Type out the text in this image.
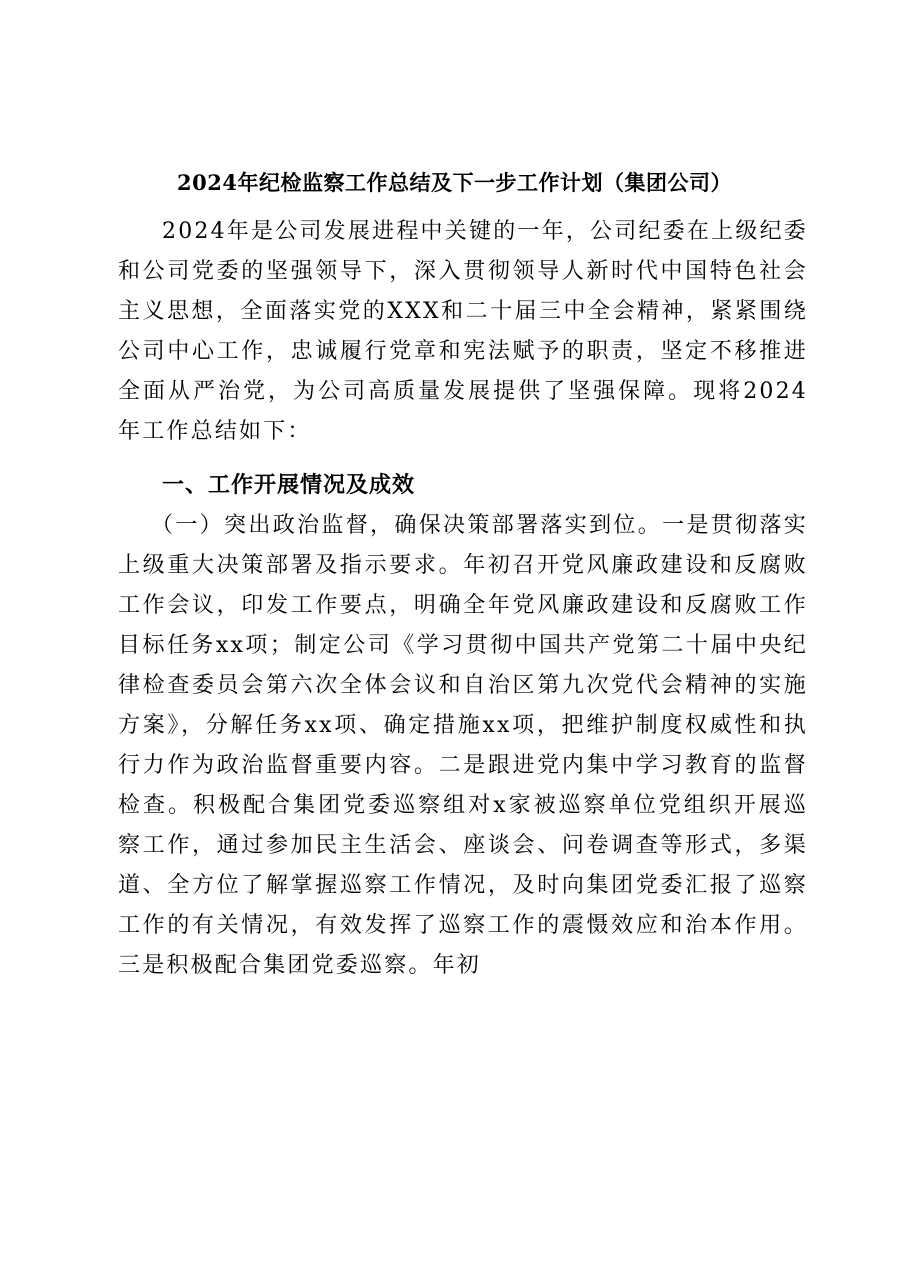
2024年纪检监察工作总结及下一步工作计划（集团公司）

2024年是公司发展进程中关键的一年，公司纪委在上级纪委和公司党委的坚强领导下，深入贯彻领导人新时代中国特色社会主义思想，全面落实党的XXX和二十届三中全会精神，紧紧围绕公司中心工作，忠诚履行党章和宪法赋予的职责，坚定不移推进全面从严治党，为公司高质量发展提供了坚强保障。现将2024年工作总结如下：

一、工作开展情况及成效

（一）突出政治监督，确保决策部署落实到位。一是贯彻落实上级重大决策部署及指示要求。年初召开党风廉政建设和反腐败工作会议，印发工作要点，明确全年党风廉政建设和反腐败工作目标任务xx项；制定公司《学习贯彻中国共产党第二十届中央纪律检查委员会第六次全体会议和自治区第九次党代会精神的实施方案》，分解任务xx项、确定措施xx项，把维护制度权威性和执行力作为政治监督重要内容。二是跟进党内集中学习教育的监督检查。积极配合集团党委巡察组对x家被巡察单位党组织开展巡察工作，通过参加民主生活会、座谈会、问卷调查等形式，多渠道、全方位了解掌握巡察工作情况，及时向集团党委汇报了巡察工作的有关情况，有效发挥了巡察工作的震慑效应和治本作用。三是积极配合集团党委巡察。年初
